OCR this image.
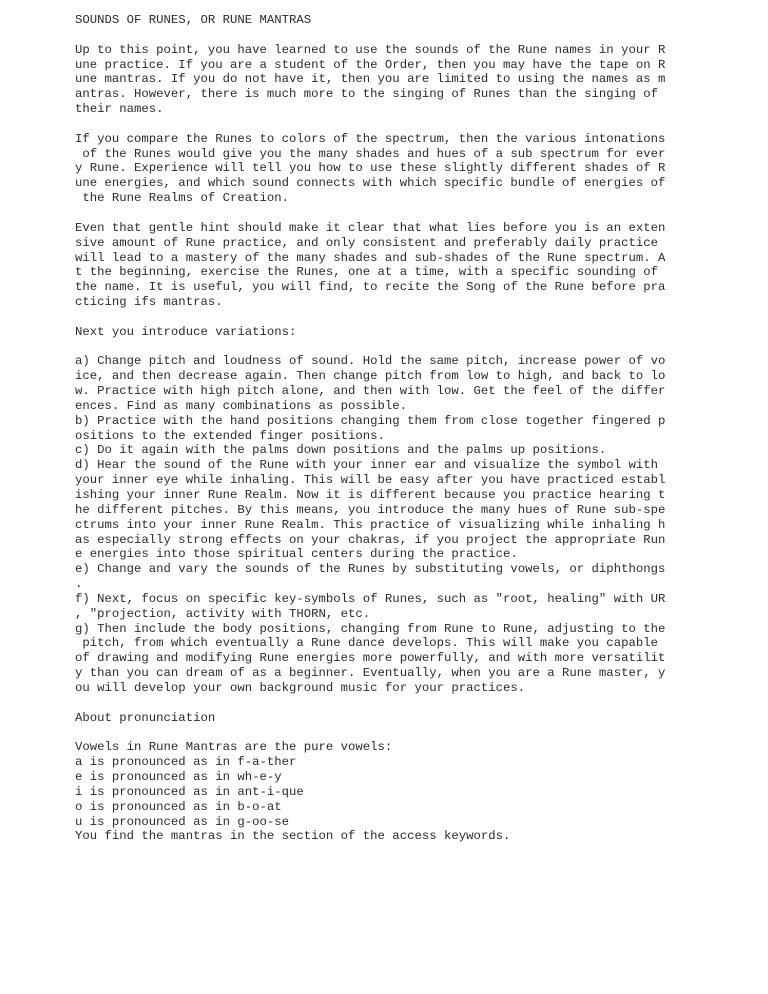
SOUNDS OF RUNES, OR RUNE MANTRAS
Up to this point, you have learned to use the sounds of the Rune names in your R
une practice. If you are a student of the Order, then you may have the tape on R
une mantras. If you do not have it, then you are limited to using the names as m
antras. However, there is much more to the singing of Runes than the singing of
their names.
If you compare the Runes to colors of the spectrum, then the various intonations
of the Runes would give you the many shades and hues of a sub spectrum for ever
y Rune. Experience will tell you how to use these slightly different shades of R
une energies, and which sound connects with which specific bundle of energies of
the Rune Realms of Creation.
Even that gentle hint should make it clear that what lies before you is an exten
sive amount of Rune practice, and only consistent and preferably daily practice
will lead to a mastery of the many shades and sub-shades of the Rune spectrum. A
t the beginning, exercise the Runes, one at a time, with a specific sounding of
the name. It is useful, you will find, to recite the Song of the Rune before pra
cticing ifs mantras.
Next you introduce variations:
a) Change pitch and loudness of sound. Hold the same pitch, increase power of vo
ice, and then decrease again. Then change pitch from low to high, and back to lo
w. Practice with high pitch alone, and then with low. Get the feel of the differ
ences. Find as many combinations as possible.
b) Practice with the hand positions changing them from close together fingered p
ositions to the extended finger positions.
c) Do it again with the palms down positions and the palms up positions.
d) Hear the sound of the Rune with your inner ear and visualize the symbol with
your inner eye while inhaling. This will be easy after you have practiced establ
ishing your inner Rune Realm. Now it is different because you practice hearing t
he different pitches. By this means, you introduce the many hues of Rune sub-spe
ctrums into your inner Rune Realm. This practice of visualizing while inhaling h
as especially strong effects on your chakras, if you project the appropriate Run
e energies into those spiritual centers during the practice.
e) Change and vary the sounds of the Runes by substituting vowels, or diphthongs
.
f) Next, focus on specific key-symbols of Runes, such as "root, healing" with UR
, "projection, activity with THORN, etc.
g) Then include the body positions, changing from Rune to Rune, adjusting to the
pitch, from which eventually a Rune dance develops. This will make you capable
of drawing and modifying Rune energies more powerfully, and with more versatilit
y than you can dream of as a beginner. Eventually, when you are a Rune master, y
ou will develop your own background music for your practices.
About pronunciation
Vowels in Rune Mantras are the pure vowels:
a is pronounced as in f-a-ther
e is pronounced as in wh-e-y
i is pronounced as in ant-i-que
o is pronounced as in b-o-at
u is pronounced as in g-oo-se
You find the mantras in the section of the access keywords.
